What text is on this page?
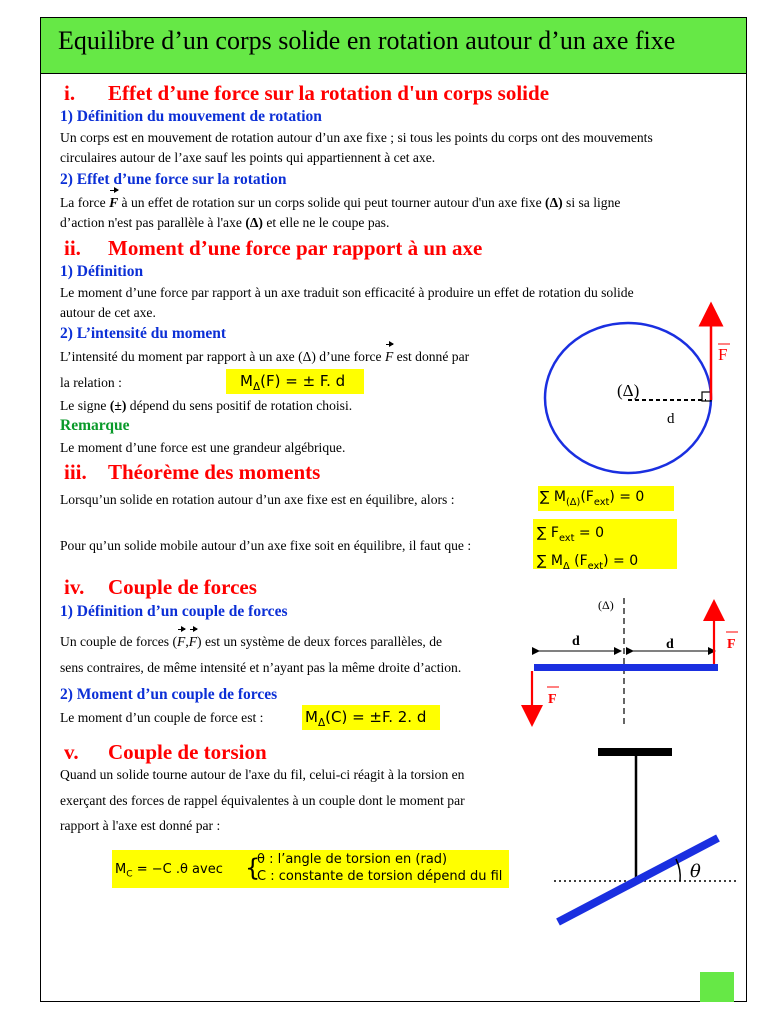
Equilibre d’un corps solide en rotation autour d’un axe fixe
i. Effet d’une force sur la rotation d'un corps solide
1) Définition du mouvement de rotation
Un corps est en mouvement de rotation autour d’un axe fixe ; si tous les points du corps ont des mouvements
circulaires autour de l’axe sauf les points qui appartiennent à cet axe.
2) Effet d’une force sur la rotation
La force F à un effet de rotation sur un corps solide qui peut tourner autour d'un axe fixe (Δ) si sa ligne
d’action n'est pas parallèle à l'axe (Δ) et elle ne le coupe pas.
ii. Moment d’une force par rapport à un axe
1) Définition
Le moment d’une force par rapport à un axe traduit son efficacité à produire un effet de rotation du solide
autour de cet axe.
2) L’intensité du moment
L’intensité du moment par rapport à un axe (Δ) d’une force F est donné par
la relation :	$M_\Delta(F)$ = ± F. d
Le signe (±) dépend du sens positif de rotation choisi.
Remarque
Le moment d’une force est une grandeur algébrique.
(Δ)
d
F
iii. Théorème des moments
Lorsqu’un solide en rotation autour d’un axe fixe est en équilibre, alors :	∑ $M_{(\Delta)}(F_{ext}) = 0$
Pour qu’un solide mobile autour d’un axe fixe soit en équilibre, il faut que :
∑ $F_{ext} = 0$
∑ $M_\Delta$ $(F_{ext}) = 0$
iv. Couple de forces
1) Définition d’un couple de forces
Un couple de forces (F,F) est un système de deux forces parallèles, de
sens contraires, de même intensité et n’ayant pas la même droite d’action.
2) Moment d’un couple de forces
Le moment d’un couple de force est :	$M_\Delta(C) = \pm F$. 2. d
(Δ)
d	d	F
F
v. Couple de torsion
Quand un solide tourne autour de l'axe du fil, celui-ci réagit à la torsion en
exerçant des forces de rappel équivalentes à un couple dont le moment par
rapport à l'axe est donné par :
$M_C = -C$ .θ avec {
θ : l’angle de torsion en (rad)
C : constante de torsion dépend du fil	θ
